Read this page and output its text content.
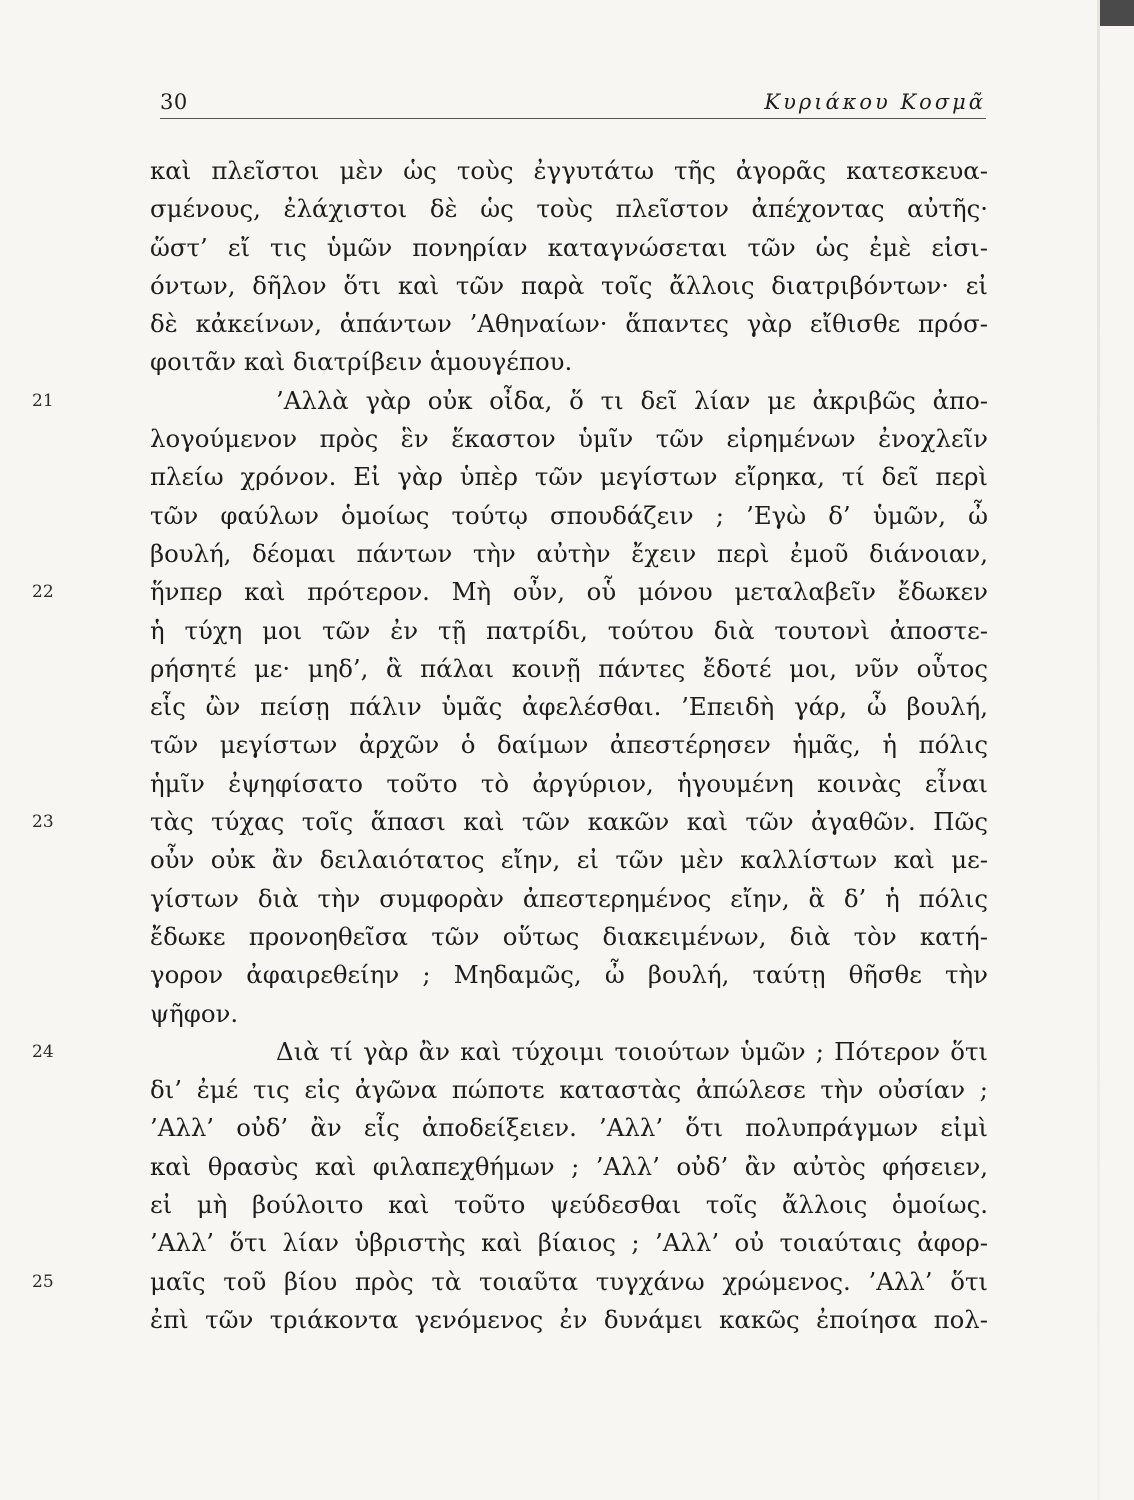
30	Κυριάκου Κοσμᾶ
καὶ πλεῖστοι μὲν ὡς τοὺς ἐγγυτάτω τῆς ἀγορᾶς κατεσκευα-
σμένους, ἐλάχιστοι δὲ ὡς τοὺς πλεῖστον ἀπέχοντας αὐτῆς·
ὥστ’ εἴ τις ὑμῶν πονηρίαν καταγνώσεται τῶν ὡς ἐμὲ εἰσι-
όντων, δῆλον ὅτι καὶ τῶν παρὰ τοῖς ἄλλοις διατριβόντων· εἰ
δὲ κἀκείνων, ἁπάντων ’Αθηναίων· ἅπαντες γὰρ εἴθισθε πρόσ-
φοιτᾶν καὶ διατρίβειν ἁμουγέπου.
21	’Αλλὰ γὰρ οὐκ οἶδα, ὅ τι δεῖ λίαν με ἀκριβῶς ἀπο-
λογούμενον πρὸς ἓν ἕκαστον ὑμῖν τῶν εἰρημένων ἐνοχλεῖν
πλείω χρόνον. Εἰ γὰρ ὑπὲρ τῶν μεγίστων εἴρηκα, τί δεῖ περὶ
τῶν φαύλων ὁμοίως τούτῳ σπουδάζειν ; ’Εγὼ δ’ ὑμῶν, ὦ
βουλή, δέομαι πάντων τὴν αὐτὴν ἔχειν περὶ ἐμοῦ διάνοιαν,
22	ἥνπερ καὶ πρότερον. Μὴ οὖν, οὗ μόνου μεταλαβεῖν ἔδωκεν
ἡ τύχη μοι τῶν ἐν τῇ πατρίδι, τούτου διὰ τουτονὶ ἀποστε-
ρήσητέ με· μηδ’, ἃ πάλαι κοινῇ πάντες ἔδοτέ μοι, νῦν οὗτος
εἷς ὢν πείσῃ πάλιν ὑμᾶς ἀφελέσθαι. ’Επειδὴ γάρ, ὦ βουλή,
τῶν μεγίστων ἀρχῶν ὁ δαίμων ἀπεστέρησεν ἡμᾶς, ἡ πόλις
ἡμῖν ἐψηφίσατο τοῦτο τὸ ἀργύριον, ἡγουμένη κοινὰς εἶναι
23	τὰς τύχας τοῖς ἅπασι καὶ τῶν κακῶν καὶ τῶν ἀγαθῶν. Πῶς
οὖν οὐκ ἂν δειλαιότατος εἴην, εἰ τῶν μὲν καλλίστων καὶ με-
γίστων διὰ τὴν συμφορὰν ἀπεστερημένος εἴην, ἃ δ’ ἡ πόλις
ἔδωκε προνοηθεῖσα τῶν οὕτως διακειμένων, διὰ τὸν κατή-
γορον ἀφαιρεθείην ; Μηδαμῶς, ὦ βουλή, ταύτῃ θῆσθε τὴν
ψῆφον.
24	Διὰ τί γὰρ ἂν καὶ τύχοιμι τοιούτων ὑμῶν ; Πότερον ὅτι
δι’ ἐμέ τις εἰς ἀγῶνα πώποτε καταστὰς ἀπώλεσε τὴν οὐσίαν ;
’Αλλ’ οὐδ’ ἂν εἷς ἀποδείξειεν. ’Αλλ’ ὅτι πολυπράγμων εἰμὶ
καὶ θρασὺς καὶ φιλαπεχθήμων ; ’Αλλ’ οὐδ’ ἂν αὐτὸς φήσειεν,
εἰ μὴ βούλοιτο καὶ τοῦτο ψεύδεσθαι τοῖς ἄλλοις ὁμοίως.
’Αλλ’ ὅτι λίαν ὑβριστὴς καὶ βίαιος ; ’Αλλ’ οὐ τοιαύταις ἀφορ-
25	μαῖς τοῦ βίου πρὸς τὰ τοιαῦτα τυγχάνω χρώμενος. ’Αλλ’ ὅτι
ἐπὶ τῶν τριάκοντα γενόμενος ἐν δυνάμει κακῶς ἐποίησα πολ-
